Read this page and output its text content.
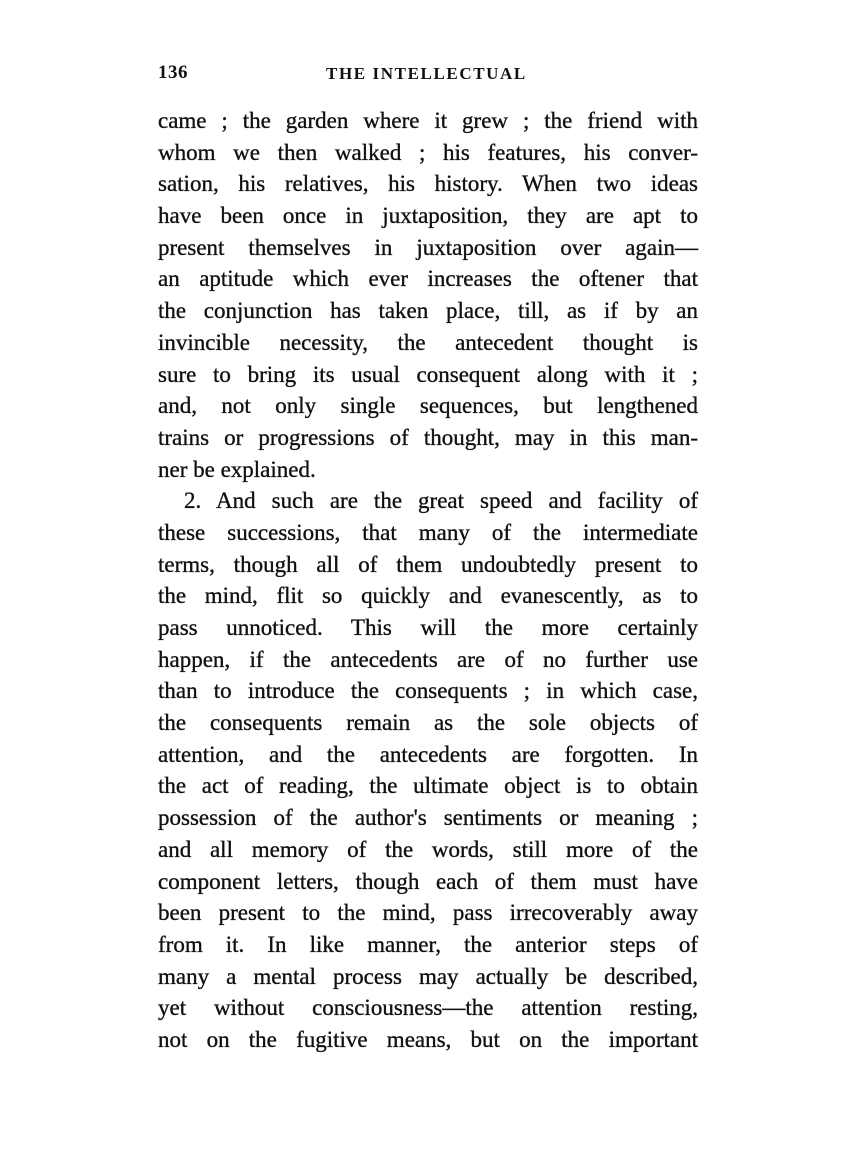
136	THE INTELLECTUAL
came ; the garden where it grew ; the friend with
whom we then walked ; his features, his conver-
sation, his relatives, his history. When two ideas
have been once in juxtaposition, they are apt to
present themselves in juxtaposition over again—
an aptitude which ever increases the oftener that
the conjunction has taken place, till, as if by an
invincible necessity, the antecedent thought is
sure to bring its usual consequent along with it ;
and, not only single sequences, but lengthened
trains or progressions of thought, may in this man-
ner be explained.
2. And such are the great speed and facility of
these successions, that many of the intermediate
terms, though all of them undoubtedly present to
the mind, flit so quickly and evanescently, as to
pass unnoticed. This will the more certainly
happen, if the antecedents are of no further use
than to introduce the consequents ; in which case,
the consequents remain as the sole objects of
attention, and the antecedents are forgotten. In
the act of reading, the ultimate object is to obtain
possession of the author's sentiments or meaning ;
and all memory of the words, still more of the
component letters, though each of them must have
been present to the mind, pass irrecoverably away
from it. In like manner, the anterior steps of
many a mental process may actually be described,
yet without consciousness—the attention resting,
not on the fugitive means, but on the important
